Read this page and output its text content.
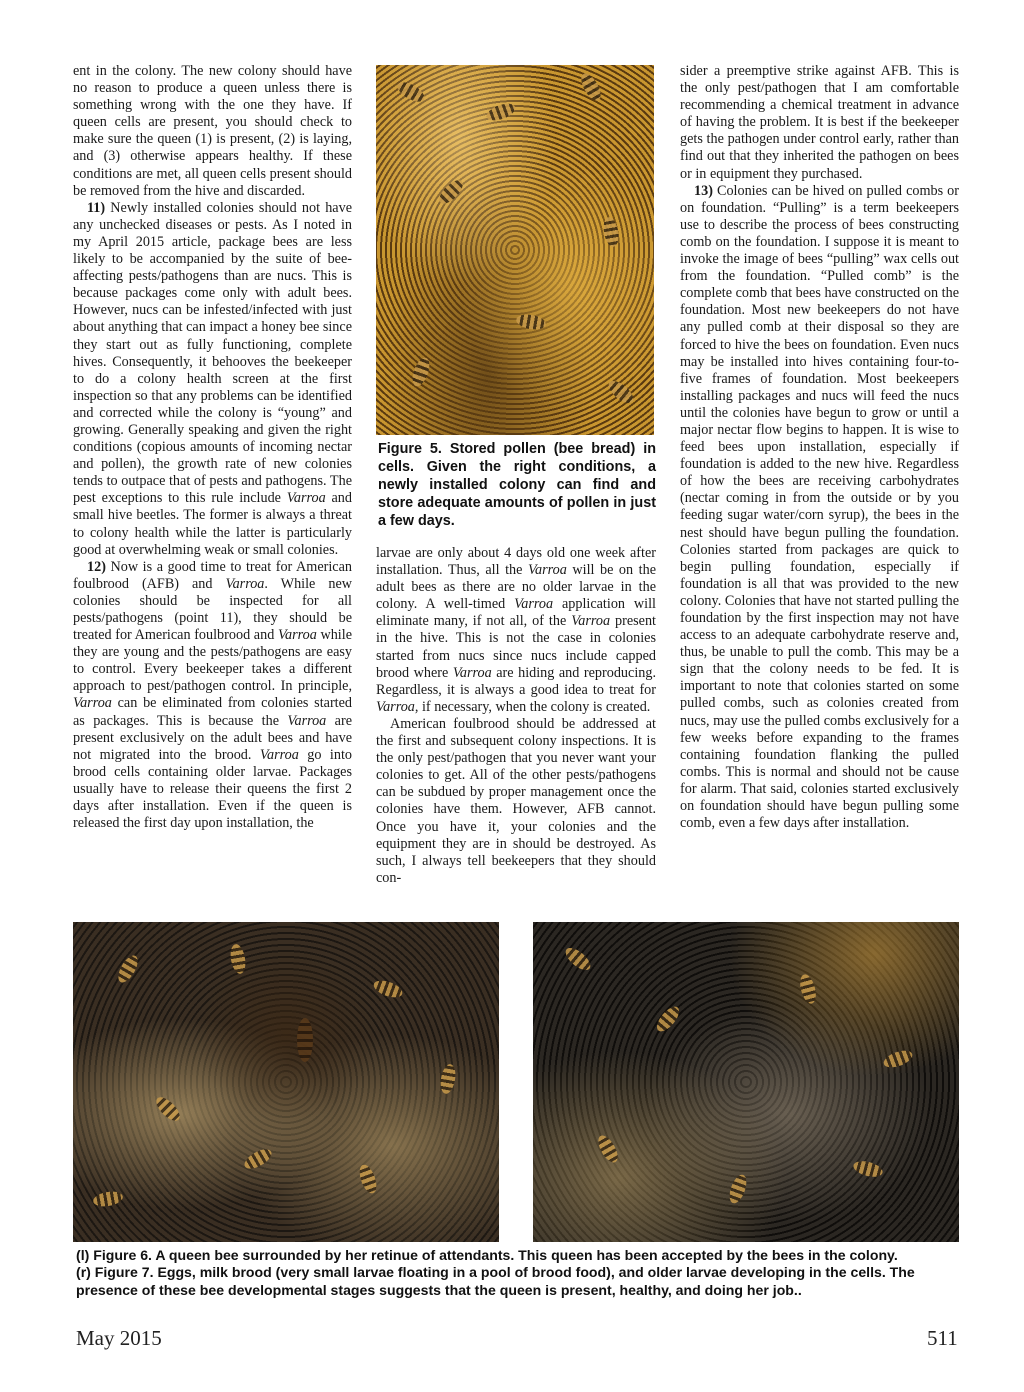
ent in the colony. The new colony should have no reason to produce a queen unless there is something wrong with the one they have. If queen cells are present, you should check to make sure the queen (1) is present, (2) is laying, and (3) otherwise appears healthy. If these conditions are met, all queen cells present should be removed from the hive and discarded.

11) Newly installed colonies should not have any unchecked diseases or pests. As I noted in my April 2015 article, package bees are less likely to be accompanied by the suite of bee-affecting pests/pathogens than are nucs. This is because packages come only with adult bees. However, nucs can be infested/infected with just about anything that can impact a honey bee since they start out as fully functioning, complete hives. Consequently, it behooves the beekeeper to do a colony health screen at the first inspection so that any problems can be identified and corrected while the colony is “young” and growing. Generally speaking and given the right conditions (copious amounts of incoming nectar and pollen), the growth rate of new colonies tends to outpace that of pests and pathogens. The pest exceptions to this rule include Varroa and small hive beetles. The former is always a threat to colony health while the latter is particularly good at overwhelming weak or small colonies.

12) Now is a good time to treat for American foulbrood (AFB) and Varroa. While new colonies should be inspected for all pests/pathogens (point 11), they should be treated for American foulbrood and Varroa while they are young and the pests/pathogens are easy to control. Every beekeeper takes a different approach to pest/pathogen control. In principle, Varroa can be eliminated from colonies started as packages. This is because the Varroa are present exclusively on the adult bees and have not migrated into the brood. Varroa go into brood cells containing older larvae. Packages usually have to release their queens the first 2 days after installation. Even if the queen is released the first day upon installation, the

Figure 5. Stored pollen (bee bread) in cells. Given the right conditions, a newly installed colony can find and store adequate amounts of pollen in just a few days.

larvae are only about 4 days old one week after installation. Thus, all the Varroa will be on the adult bees as there are no older larvae in the colony. A well-timed Varroa application will eliminate many, if not all, of the Varroa present in the hive. This is not the case in colonies started from nucs since nucs include capped brood where Varroa are hiding and reproducing. Regardless, it is always a good idea to treat for Varroa, if necessary, when the colony is created.

American foulbrood should be addressed at the first and subsequent colony inspections. It is the only pest/pathogen that you never want your colonies to get. All of the other pests/pathogens can be subdued by proper management once the colonies have them. However, AFB cannot. Once you have it, your colonies and the equipment they are in should be destroyed. As such, I always tell beekeepers that they should con-

sider a preemptive strike against AFB. This is the only pest/pathogen that I am comfortable recommending a chemical treatment in advance of having the problem. It is best if the beekeeper gets the pathogen under control early, rather than find out that they inherited the pathogen on bees or in equipment they purchased.

13) Colonies can be hived on pulled combs or on foundation. “Pulling” is a term beekeepers use to describe the process of bees constructing comb on the foundation. I suppose it is meant to invoke the image of bees “pulling” wax cells out from the foundation. “Pulled comb” is the complete comb that bees have constructed on the foundation. Most new beekeepers do not have any pulled comb at their disposal so they are forced to hive the bees on foundation. Even nucs may be installed into hives containing four-to-five frames of foundation. Most beekeepers installing packages and nucs will feed the nucs until the colonies have begun to grow or until a major nectar flow begins to happen. It is wise to feed bees upon installation, especially if foundation is added to the new hive. Regardless of how the bees are receiving carbohydrates (nectar coming in from the outside or by you feeding sugar water/corn syrup), the bees in the nest should have begun pulling the foundation. Colonies started from packages are quick to begin pulling foundation, especially if foundation is all that was provided to the new colony. Colonies that have not started pulling the foundation by the first inspection may not have access to an adequate carbohydrate reserve and, thus, be unable to pull the comb. This may be a sign that the colony needs to be fed. It is important to note that colonies started on some pulled combs, such as colonies created from nucs, may use the pulled combs exclusively for a few weeks before expanding to the frames containing foundation flanking the pulled combs. This is normal and should not be cause for alarm. That said, colonies started exclusively on foundation should have begun pulling some comb, even a few days after installation.

(l) Figure 6. A queen bee surrounded by her retinue of attendants. This queen has been accepted by the bees in the colony.
(r) Figure 7. Eggs, milk brood (very small larvae floating in a pool of brood food), and older larvae developing in the cells. The presence of these bee developmental stages suggests that the queen is present, healthy, and doing her job..
May 2015	511
